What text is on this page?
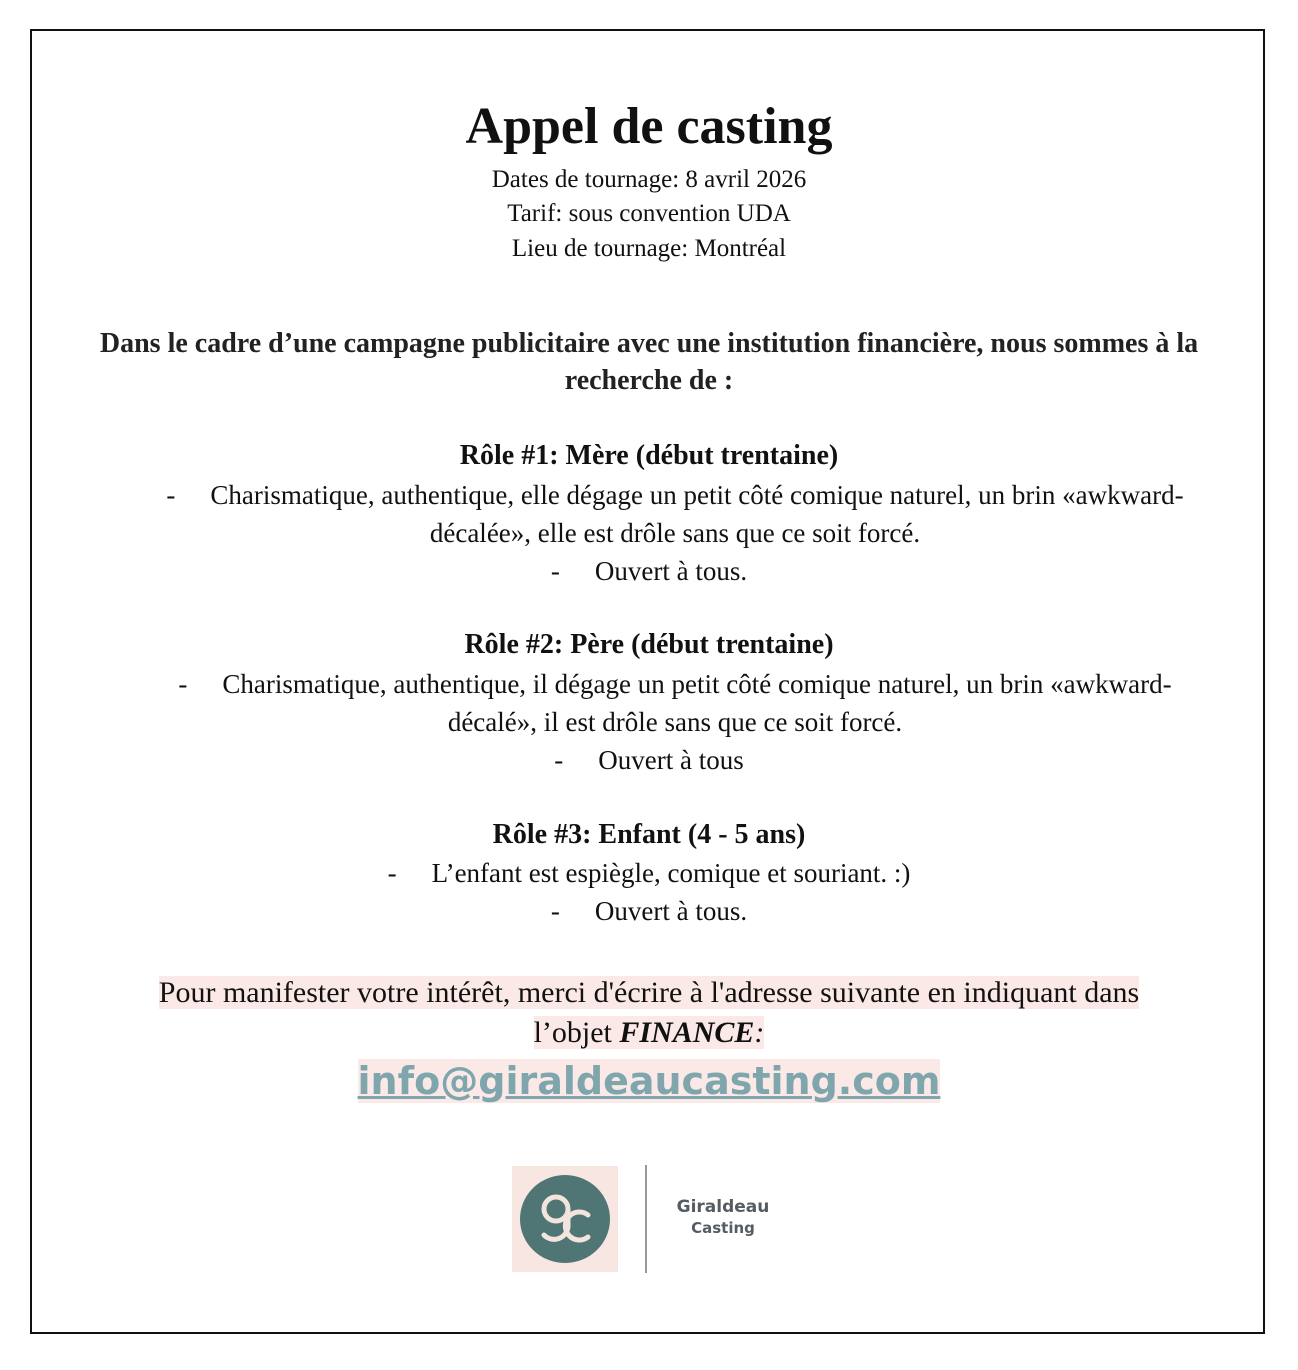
Appel de casting
Dates de tournage: 8 avril 2026
Tarif: sous convention UDA
Lieu de tournage: Montréal
Dans le cadre d’une campagne publicitaire avec une institution financière, nous sommes à la recherche de :
Rôle #1: Mère (début trentaine)
- Charismatique, authentique, elle dégage un petit côté comique naturel, un brin «awkward-décalée», elle est drôle sans que ce soit forcé.
- Ouvert à tous.
Rôle #2: Père (début trentaine)
- Charismatique, authentique, il dégage un petit côté comique naturel, un brin «awkward-décalé», il est drôle sans que ce soit forcé.
- Ouvert à tous
Rôle #3: Enfant (4 - 5 ans)
- L’enfant est espiègle, comique et souriant. :)
- Ouvert à tous.
Pour manifester votre intérêt, merci d'écrire à l'adresse suivante en indiquant dans
l’objet FINANCE:
info@giraldeaucasting.com
Giraldeau
Casting
